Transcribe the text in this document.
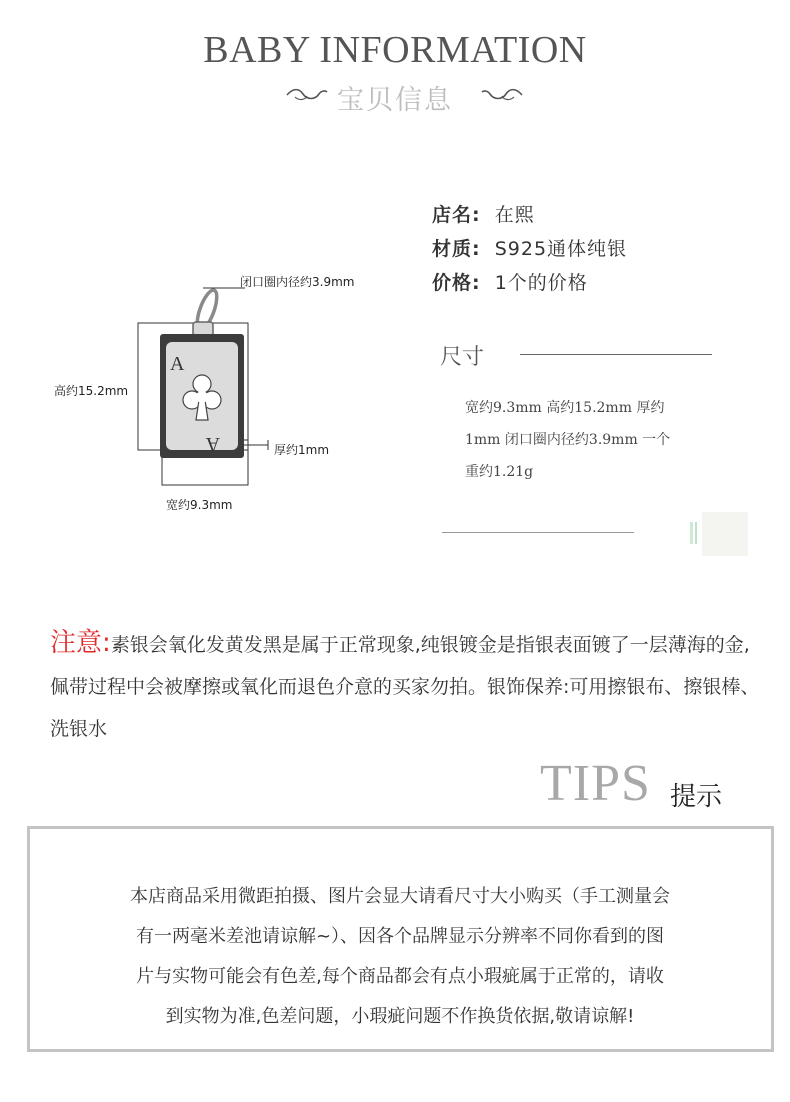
BABY INFORMATION
宝贝信息
A
A
闭口圈内径约3.9mm
高约15.2mm
厚约1mm
宽约9.3mm
店名: 在熙
材质: S925通体纯银
价格: 1个的价格
尺寸
宽约9.3mm 高约15.2mm 厚约
1mm 闭口圈内径约3.9mm 一个
重约1.21g
注意:素银会氧化发黄发黑是属于正常现象,纯银镀金是指银表面镀了一层薄海的金,佩带过程中会被摩擦或氧化而退色介意的买家勿拍。银饰保养:可用擦银布、擦银棒、洗银水
TIPS 提示
本店商品采用微距拍摄、图片会显大请看尺寸大小购买（手工测量会
有一两毫米差池请谅解~）、因各个品牌显示分辨率不同你看到的图
片与实物可能会有色差,每个商品都会有点小瑕疵属于正常的，请收
到实物为准,色差问题，小瑕疵问题不作换货依据,敬请谅解!
